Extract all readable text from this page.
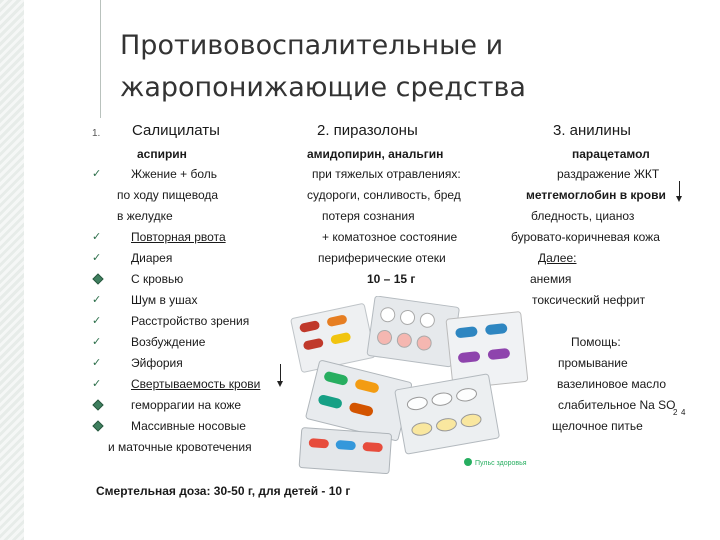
Противовоспалительные и
жаропонижающие средства
1. Салицилаты
аспирин
✓ Жжение + боль
по ходу пищевода
в желудке
✓ Повторная рвота
✓ Диарея
С кровью
✓ Шум в ушах
✓ Расстройство зрения
✓ Возбуждение
✓ Эйфория
✓ Свертываемость крови
геморрагии на коже
Массивные носовые
и маточные кровотечения
Смертельная доза: 30-50 г, для детей - 10 г
2. пиразолоны
амидопирин, анальгин
при тяжелых отравлениях:
судороги, сонливость, бред
потеря сознания
+ коматозное состояние
периферические отеки
10 – 15 г
Пульс здоровья
3. анилины
парацетамол
раздражение ЖКТ
метгемоглобин в крови
бледность, цианоз
буровато-коричневая кожа
Далее:
анемия
токсический нефрит
Помощь:
промывание
вазелиновое масло
слабительное Na SO
2 4
щелочное питье
